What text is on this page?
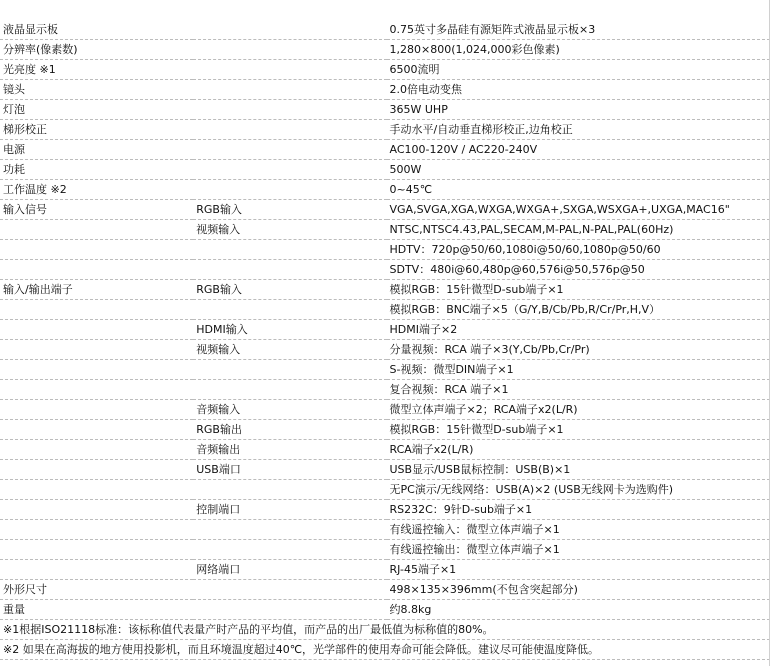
液晶显示板		0.75英寸多晶硅有源矩阵式液晶显示板×3
分辨率(像素数)		1,280×800(1,024,000彩色像素)
光亮度 ※1		6500流明
镜头		2.0倍电动变焦
灯泡		365W UHP
梯形校正		手动水平/自动垂直梯形校正,边角校正
电源		AC100-120V / AC220-240V
功耗		500W
工作温度 ※2		0~45℃
输入信号	RGB输入	VGA,SVGA,XGA,WXGA,WXGA+,SXGA,WSXGA+,UXGA,MAC16"
	视频输入	NTSC,NTSC4.43,PAL,SECAM,M-PAL,N-PAL,PAL(60Hz)
		HDTV：720p@50/60,1080i@50/60,1080p@50/60
		SDTV：480i@60,480p@60,576i@50,576p@50
输入/输出端子	RGB输入	模拟RGB：15针微型D-sub端子×1
		模拟RGB：BNC端子×5（G/Y,B/Cb/Pb,R/Cr/Pr,H,V）
	HDMI输入	HDMI端子×2
	视频输入	分量视频：RCA 端子×3(Y,Cb/Pb,Cr/Pr)
		S-视频：微型DIN端子×1
		复合视频：RCA 端子×1
	音频输入	微型立体声端子×2；RCA端子x2(L/R)
	RGB输出	模拟RGB：15针微型D-sub端子×1
	音频输出	RCA端子x2(L/R)
	USB端口	USB显示/USB鼠标控制：USB(B)×1
		无PC演示/无线网络：USB(A)×2 (USB无线网卡为选购件)
	控制端口	RS232C：9针D-sub端子×1
		有线遥控输入：微型立体声端子×1
		有线遥控输出：微型立体声端子×1
	网络端口	RJ-45端子×1
外形尺寸		498×135×396mm(不包含突起部分)
重量		约8.8kg
※1根据ISO21118标准：该标称值代表量产时产品的平均值，而产品的出厂最低值为标称值的80%。		
※2 如果在高海拔的地方使用投影机，而且环境温度超过40℃，光学部件的使用寿命可能会降低。建议尽可能使温度降低。		
